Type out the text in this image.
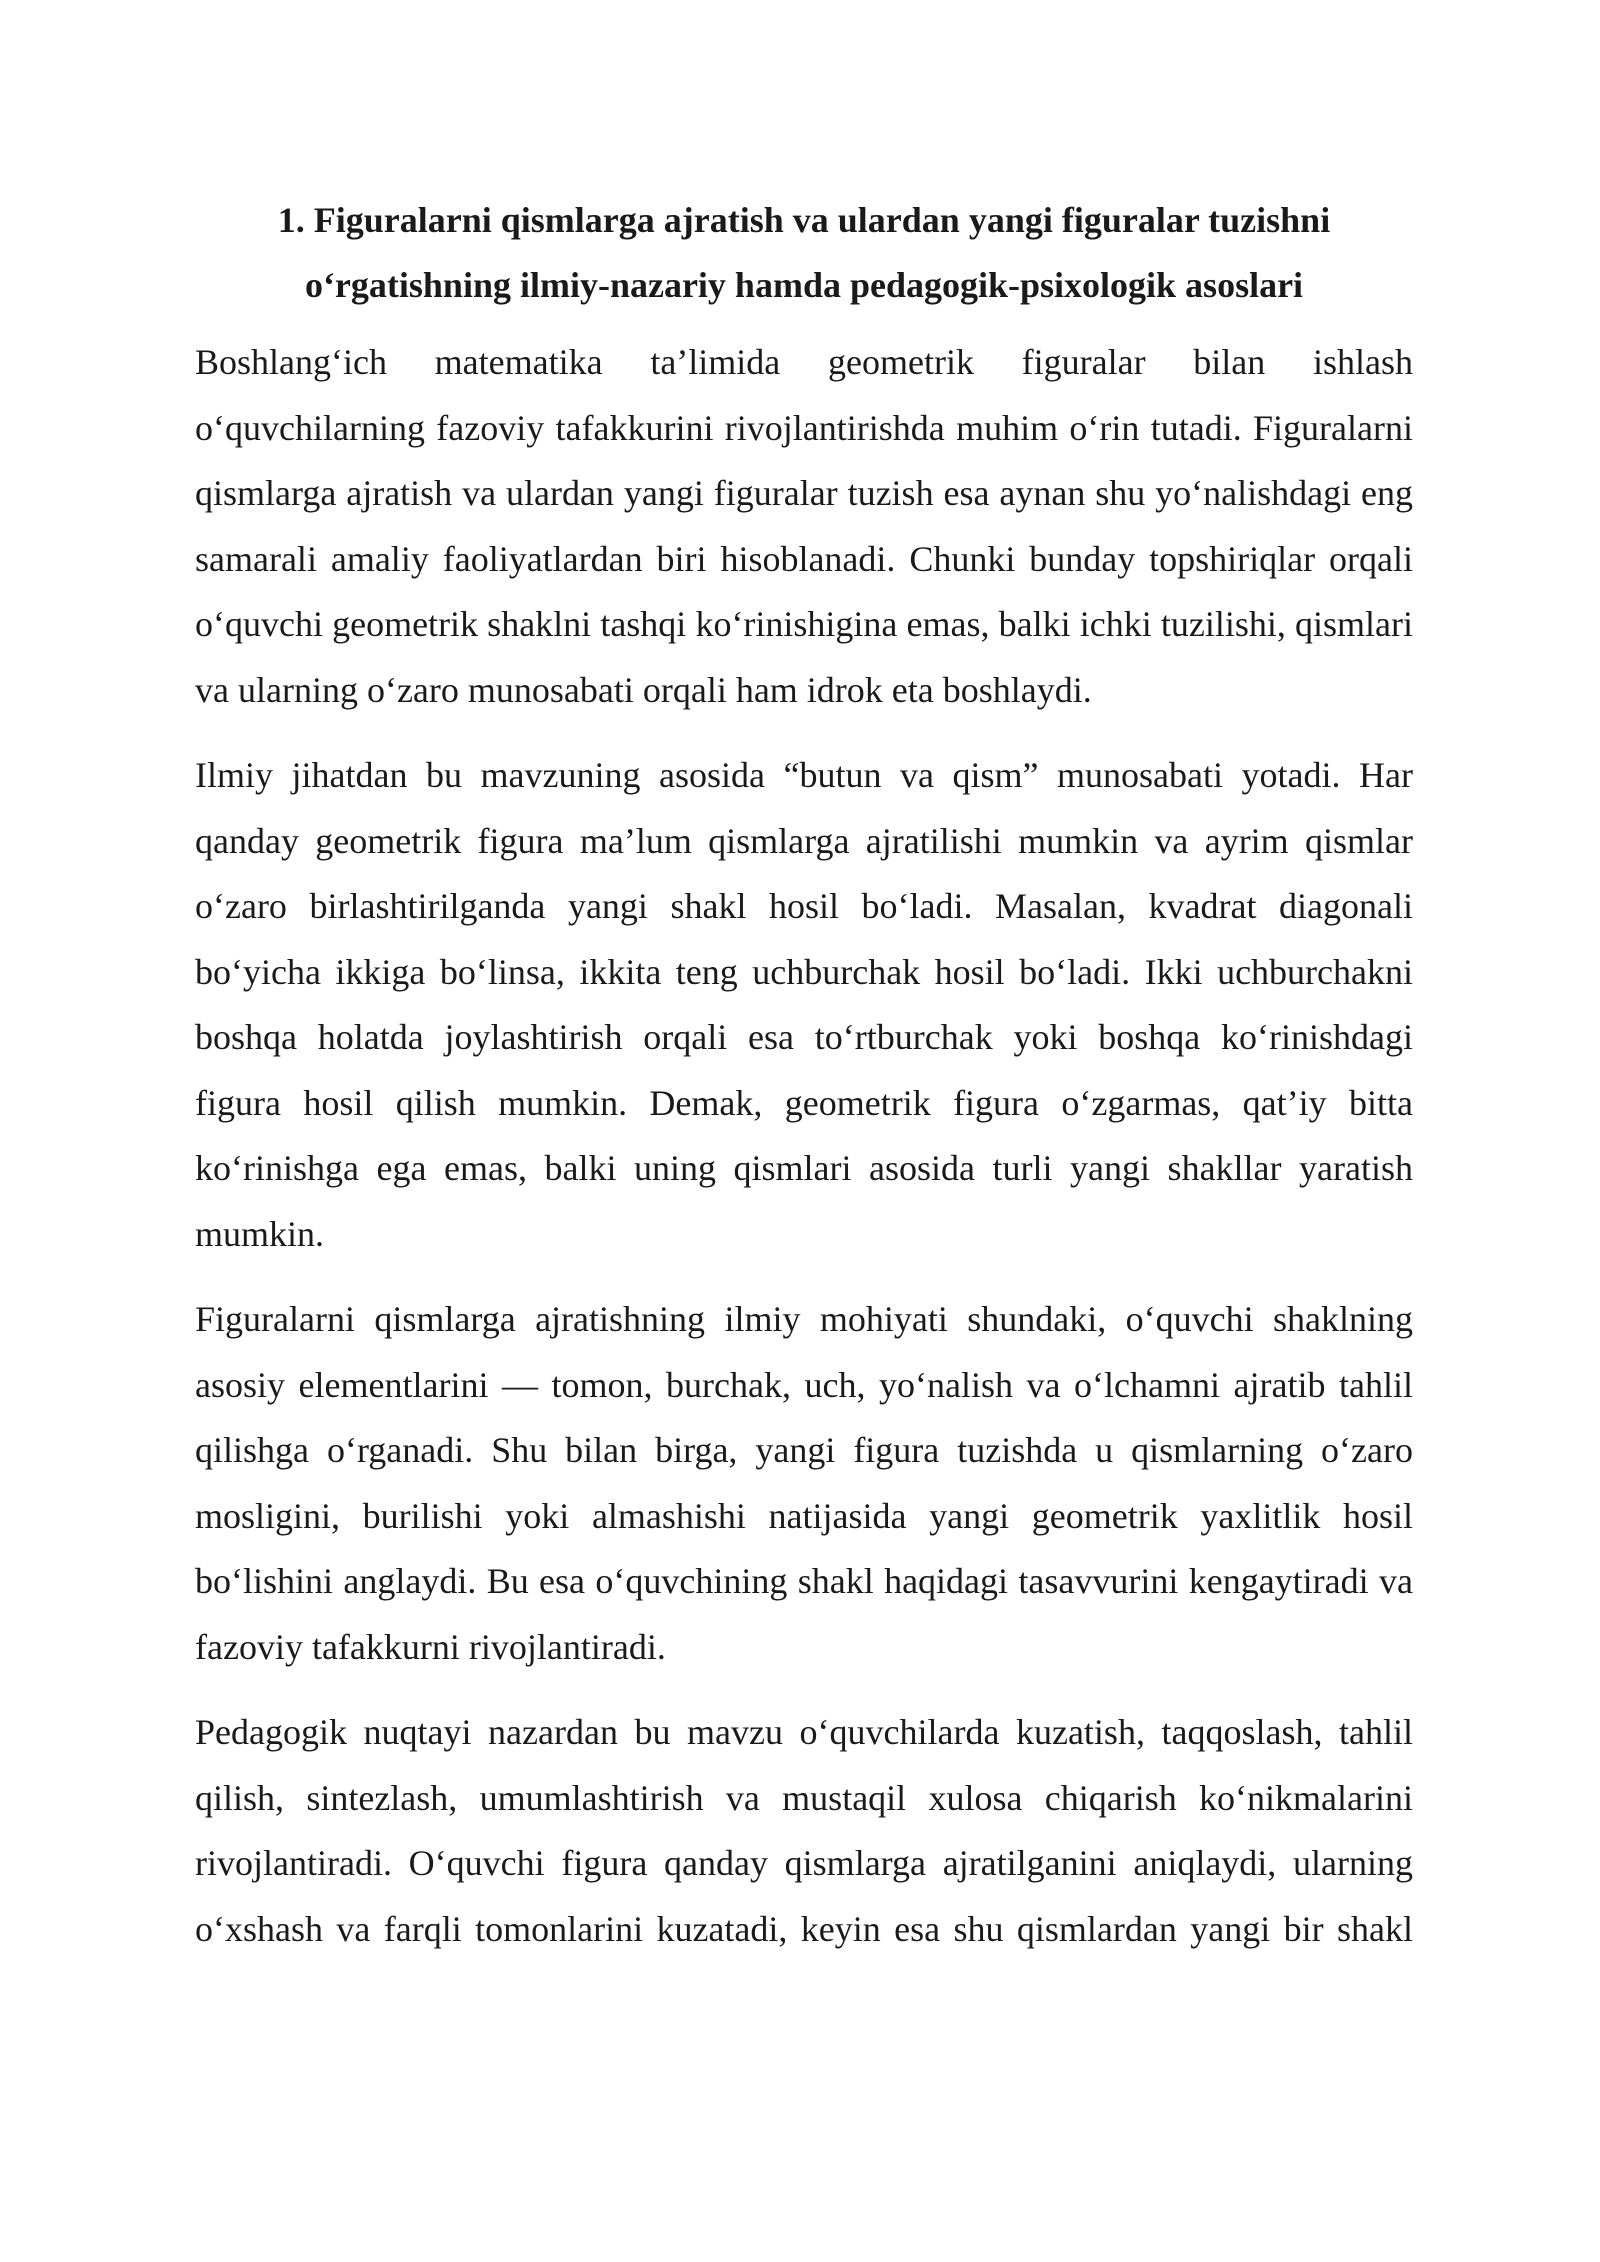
1. Figuralarni qismlarga ajratish va ulardan yangi figuralar tuzishni
o‘rgatishning ilmiy-nazariy hamda pedagogik-psixologik asoslari

Boshlang‘ich matematika ta’limida geometrik figuralar bilan ishlash o‘quvchilarning fazoviy tafakkurini rivojlantirishda muhim o‘rin tutadi. Figuralarni qismlarga ajratish va ulardan yangi figuralar tuzish esa aynan shu yo‘nalishdagi eng samarali amaliy faoliyatlardan biri hisoblanadi. Chunki bunday topshiriqlar orqali o‘quvchi geometrik shaklni tashqi ko‘rinishigina emas, balki ichki tuzilishi, qismlari va ularning o‘zaro munosabati orqali ham idrok eta boshlaydi.

Ilmiy jihatdan bu mavzuning asosida “butun va qism” munosabati yotadi. Har qanday geometrik figura ma’lum qismlarga ajratilishi mumkin va ayrim qismlar o‘zaro birlashtirilganda yangi shakl hosil bo‘ladi. Masalan, kvadrat diagonali bo‘yicha ikkiga bo‘linsa, ikkita teng uchburchak hosil bo‘ladi. Ikki uchburchakni boshqa holatda joylashtirish orqali esa to‘rtburchak yoki boshqa ko‘rinishdagi figura hosil qilish mumkin. Demak, geometrik figura o‘zgarmas, qat’iy bitta ko‘rinishga ega emas, balki uning qismlari asosida turli yangi shakllar yaratish mumkin.

Figuralarni qismlarga ajratishning ilmiy mohiyati shundaki, o‘quvchi shaklning asosiy elementlarini — tomon, burchak, uch, yo‘nalish va o‘lchamni ajratib tahlil qilishga o‘rganadi. Shu bilan birga, yangi figura tuzishda u qismlarning o‘zaro mosligini, burilishi yoki almashishi natijasida yangi geometrik yaxlitlik hosil bo‘lishini anglaydi. Bu esa o‘quvchining shakl haqidagi tasavvurini kengaytiradi va fazoviy tafakkurni rivojlantiradi.

Pedagogik nuqtayi nazardan bu mavzu o‘quvchilarda kuzatish, taqqoslash, tahlil qilish, sintezlash, umumlashtirish va mustaqil xulosa chiqarish ko‘nikmalarini rivojlantiradi. O‘quvchi figura qanday qismlarga ajratilganini aniqlaydi, ularning o‘xshash va farqli tomonlarini kuzatadi, keyin esa shu qismlardan yangi bir shakl
